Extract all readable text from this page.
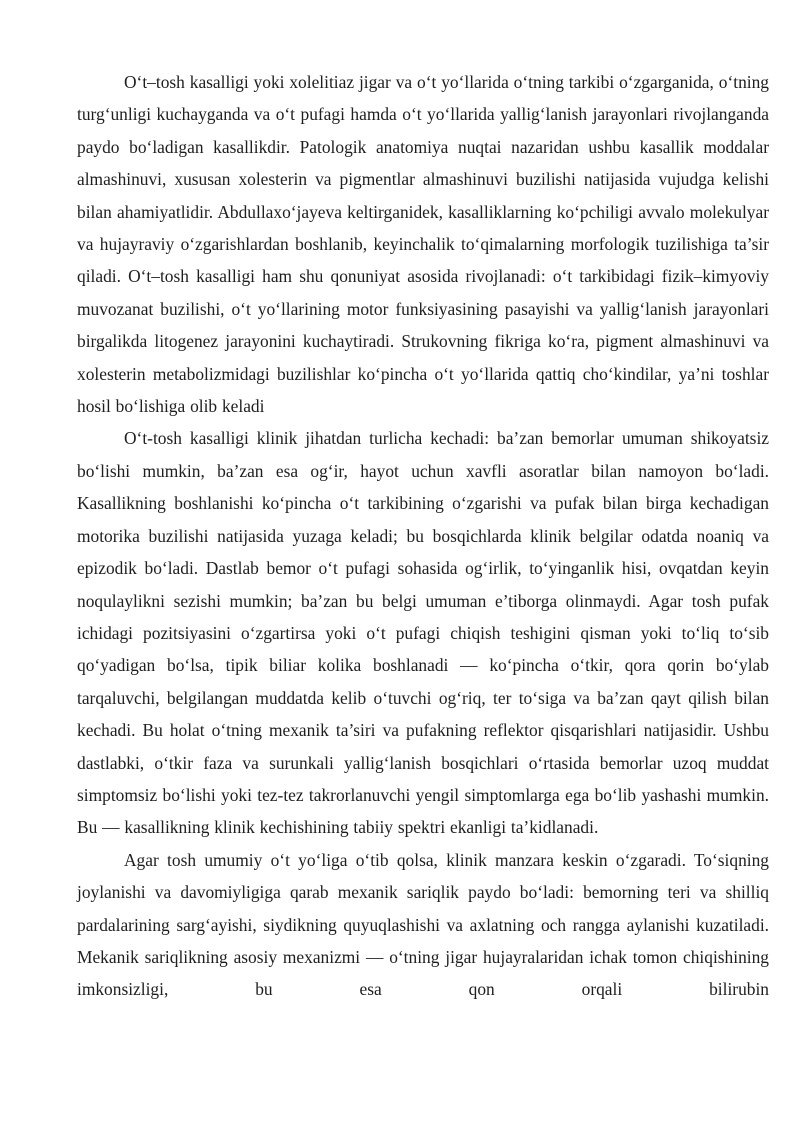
O‘t–tosh kasalligi yoki xolelitiaz jigar va o‘t yo‘llarida o‘tning tarkibi o‘zgarganida, o‘tning turg‘unligi kuchayganda va o‘t pufagi hamda o‘t yo‘llarida yallig‘lanish jarayonlari rivojlanganda paydo bo‘ladigan kasallikdir. Patologik anatomiya nuqtai nazaridan ushbu kasallik moddalar almashinuvi, xususan xolesterin va pigmentlar almashinuvi buzilishi natijasida vujudga kelishi bilan ahamiyatlidir. Abdullaxo‘jayeva keltirganidek, kasalliklarning ko‘pchiligi avvalo molekulyar va hujayraviy o‘zgarishlardan boshlanib, keyinchalik to‘qimalarning morfologik tuzilishiga ta’sir qiladi. O‘t–tosh kasalligi ham shu qonuniyat asosida rivojlanadi: o‘t tarkibidagi fizik–kimyoviy muvozanat buzilishi, o‘t yo‘llarining motor funksiyasining pasayishi va yallig‘lanish jarayonlari birgalikda litogenez jarayonini kuchaytiradi. Strukovning fikriga ko‘ra, pigment almashinuvi va xolesterin metabolizmidagi buzilishlar ko‘pincha o‘t yo‘llarida qattiq cho‘kindilar, ya’ni toshlar hosil bo‘lishiga olib keladi

O‘t-tosh kasalligi klinik jihatdan turlicha kechadi: ba’zan bemorlar umuman shikoyatsiz bo‘lishi mumkin, ba’zan esa og‘ir, hayot uchun xavfli asoratlar bilan namoyon bo‘ladi. Kasallikning boshlanishi ko‘pincha o‘t tarkibining o‘zgarishi va pufak bilan birga kechadigan motorika buzilishi natijasida yuzaga keladi; bu bosqichlarda klinik belgilar odatda noaniq va epizodik bo‘ladi. Dastlab bemor o‘t pufagi sohasida og‘irlik, to‘yinganlik hisi, ovqatdan keyin noqulaylikni sezishi mumkin; ba’zan bu belgi umuman e’tiborga olinmaydi. Agar tosh pufak ichidagi pozitsiyasini o‘zgartirsa yoki o‘t pufagi chiqish teshigini qisman yoki to‘liq to‘sib qo‘yadigan bo‘lsa, tipik biliar kolika boshlanadi — ko‘pincha o‘tkir, qora qorin bo‘ylab tarqaluvchi, belgilangan muddatda kelib o‘tuvchi og‘riq, ter to‘siga va ba’zan qayt qilish bilan kechadi. Bu holat o‘tning mexanik ta’siri va pufakning reflektor qisqarishlari natijasidir. Ushbu dastlabki, o‘tkir faza va surunkali yallig‘lanish bosqichlari o‘rtasida bemorlar uzoq muddat simptomsiz bo‘lishi yoki tez-tez takrorlanuvchi yengil simptomlarga ega bo‘lib yashashi mumkin. Bu — kasallikning klinik kechishining tabiiy spektri ekanligi ta’kidlanadi.

Agar tosh umumiy o‘t yo‘liga o‘tib qolsa, klinik manzara keskin o‘zgaradi. To‘siqning joylanishi va davomiyligiga qarab mexanik sariqlik paydo bo‘ladi: bemorning teri va shilliq pardalarining sarg‘ayishi, siydikning quyuqlashishi va axlatning och rangga aylanishi kuzatiladi. Mekanik sariqlikning asosiy mexanizmi — o‘tning jigar hujayralaridan ichak tomon chiqishining imkonsizligi, bu esa qon orqali bilirubin
